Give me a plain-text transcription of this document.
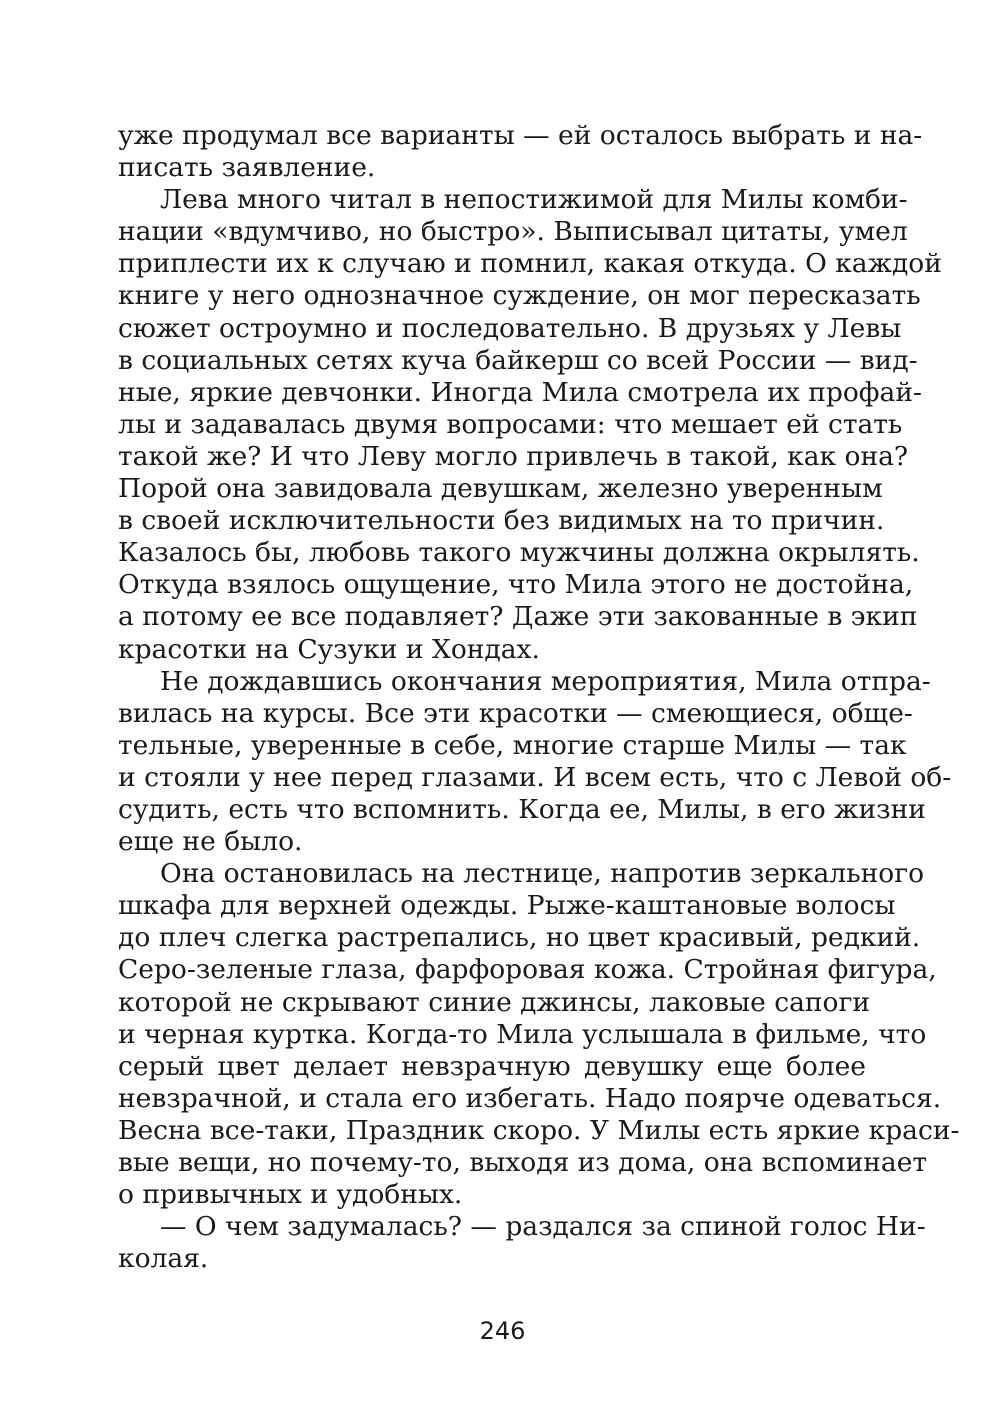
уже продумал все варианты — ей осталось выбрать и на-
писать заявление.
Лева много читал в непостижимой для Милы комби-
нации «вдумчиво, но быстро». Выписывал цитаты, умел
приплести их к случаю и помнил, какая откуда. О каждой
книге у него однозначное суждение, он мог пересказать
сюжет остроумно и последовательно. В друзьях у Левы
в социальных сетях куча байкерш со всей России — вид-
ные, яркие девчонки. Иногда Мила смотрела их профай-
лы и задавалась двумя вопросами: что мешает ей стать
такой же? И что Леву могло привлечь в такой, как она?
Порой она завидовала девушкам, железно уверенным
в своей исключительности без видимых на то причин.
Казалось бы, любовь такого мужчины должна окрылять.
Откуда взялось ощущение, что Мила этого не достойна,
а потому ее все подавляет? Даже эти закованные в экип
красотки на Сузуки и Хондах.
Не дождавшись окончания мероприятия, Мила отпра-
вилась на курсы. Все эти красотки — смеющиеся, обще-
тельные, уверенные в себе, многие старше Милы — так
и стояли у нее перед глазами. И всем есть, что с Левой об-
судить, есть что вспомнить. Когда ее, Милы, в его жизни
еще не было.
Она остановилась на лестнице, напротив зеркального
шкафа для верхней одежды. Рыже-каштановые волосы
до плеч слегка растрепались, но цвет красивый, редкий.
Серо-зеленые глаза, фарфоровая кожа. Стройная фигура,
которой не скрывают синие джинсы, лаковые сапоги
и черная куртка. Когда-то Мила услышала в фильме, что
серый цвет делает невзрачную девушку еще более
невзрачной, и стала его избегать. Надо поярче одеваться.
Весна все-таки, Праздник скоро. У Милы есть яркие краси-
вые вещи, но почему-то, выходя из дома, она вспоминает
о привычных и удобных.
— О чем задумалась? — раздался за спиной голос Ни-
колая.
246
